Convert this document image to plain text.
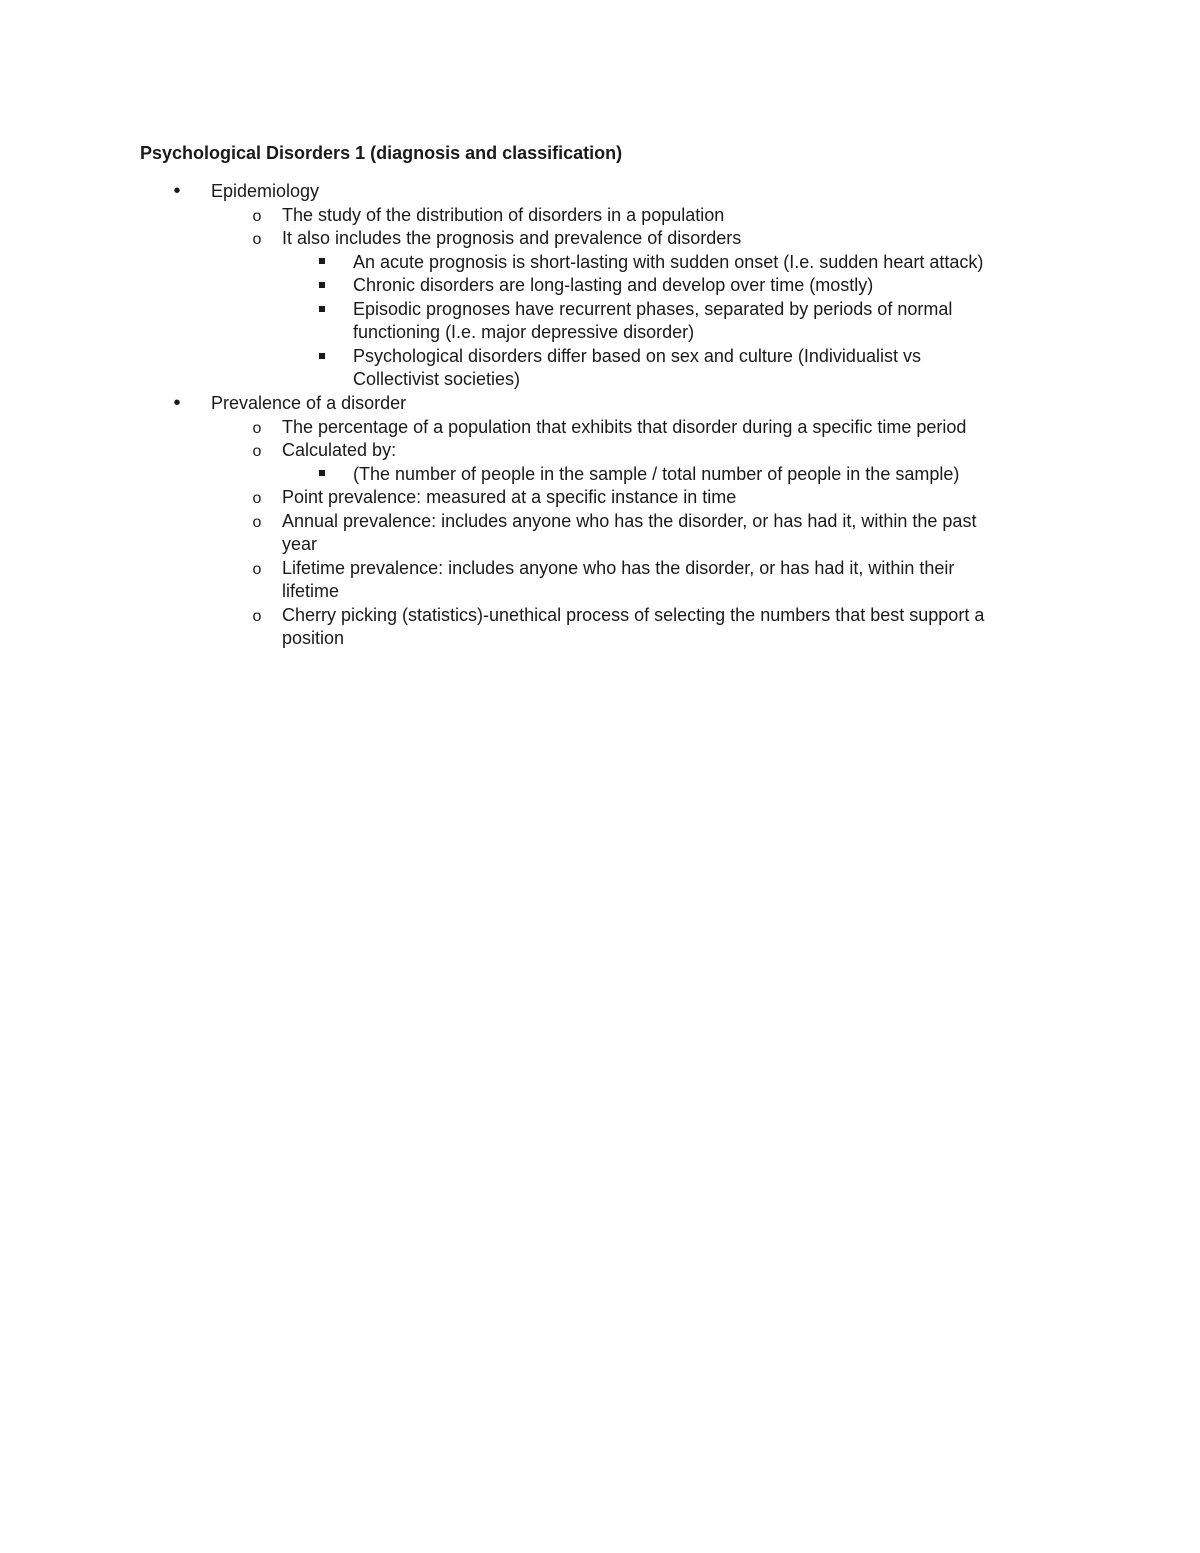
Psychological Disorders 1 (diagnosis and classification)
•
Epidemiology
o
The study of the distribution of disorders in a population
o
It also includes the prognosis and prevalence of disorders
An acute prognosis is short-lasting with sudden onset (I.e. sudden heart attack)
Chronic disorders are long-lasting and develop over time (mostly)
Episodic prognoses have recurrent phases, separated by periods of normal
functioning (I.e. major depressive disorder)
Psychological disorders differ based on sex and culture (Individualist vs
Collectivist societies)
•
Prevalence of a disorder
o
The percentage of a population that exhibits that disorder during a specific time period
o
Calculated by:
(The number of people in the sample / total number of people in the sample)
o
Point prevalence: measured at a specific instance in time
o
Annual prevalence: includes anyone who has the disorder, or has had it, within the past
year
o
Lifetime prevalence: includes anyone who has the disorder, or has had it, within their
lifetime
o
Cherry picking (statistics)-unethical process of selecting the numbers that best support a
position
